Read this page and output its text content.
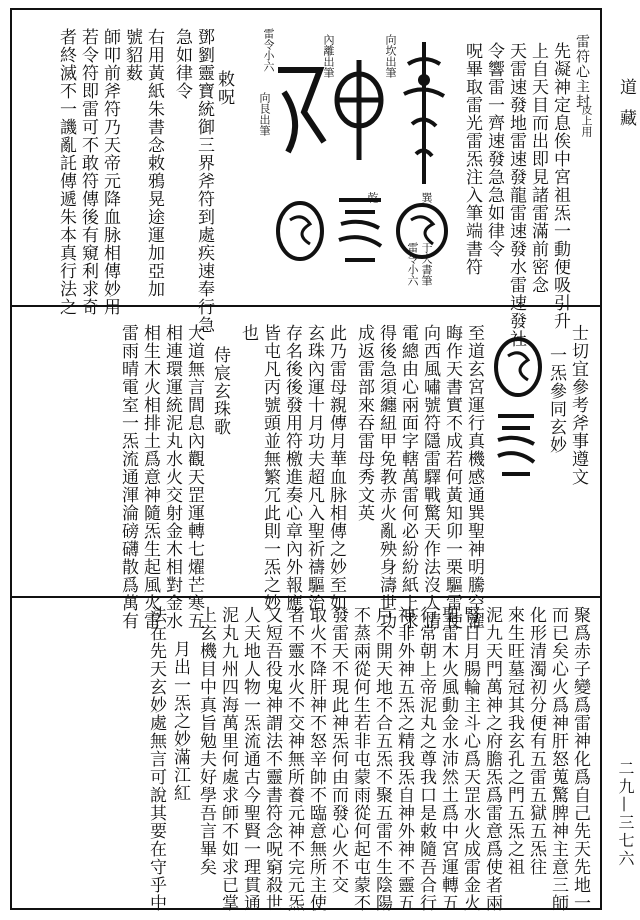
道藏
二九—三七六
雷符心主封
皮上用
先凝神定息俟中宮祖炁一動便吸引升
上自天目而出即見諸雷滿前密念
天雷速發地雷速發龍雷速發水雷速發社
令響雷一齊速發急急如律令
呪畢取雷光雷炁注入筆端書符
向坎出筆
內離出筆
雷令小六
向艮出筆
巽
乾
雷令小六 于大書筆
敕呪
鄧劉靈寶統御三界斧符到處疾速奉行急
急如律令
右用黃紙朱書念敕鴉晃途運加亞加
號貂薮
師叩前斧符乃天帝元降血脉相傳妙用
若令符即雷可不敢符傳後有窺利求奇
者終滅不一譏亂託傳遞朱本真行法之
士切宜參考斧事遵文
一炁參同玄妙
至道玄宮運行真機感通巽聖神明騰空濯
晦作天書實不成若何黃知卯一栗驅雷使
向西風嘯號符隱雷驛戰驚天作法沒人情
電總由心兩面字轄萬雷何必紛紛紙上求
得後急須纏紐甲免教赤火亂殃身濤世功
成返雷部來吞雷母秀文英
此乃雷母親傳月華血脉相傳之妙至如
玄珠內運十月功夫超凡入聖祈禱驅治
存名後後發用符檄進奏心章內外報應
皆屯凡丙號頭並無繁冗此則一炁之妙
也
侍宸玄珠歌
大道無言閭息內觀天罡運轉七燿芒寒五
相連環運統泥丸水火交射金木相對金水
相生木火相排土爲意神隨炁生起風火雷
雷雨晴電室一炁流通渾淪磅礴散爲萬有
聚爲赤子變爲雷神化爲自己先天先地一
而已矣心火爲神肝怒蒐驚脾神主意三師
化形清濁初分便有五雷五獄五炁往
來生旺墓冠其我玄孔之門五炁之祖
泥九天門萬神之府膽炁爲雷意爲使者兩
腎日月腸輪主斗心爲天罡水火成雷金火
聖雷木火風動金水沛然土爲中宮運轉五
行常朝上帝泥丸之尊我口是敕隨吾合行
神非外神五炁之精我炁自神外神不靈五
戶不開天地不合五炁不聚五雷不生陰陽
不蒸兩從何生若非屯蒙雨從何起屯蒙不
發雷天不現此神炁何由而發心火不交
取火不降肝神不怒辛帥不臨意無所主使
者不靈水火不交神無所養元神不完元炁
又短吾役鬼神謂法不靈書符念呪窮殺世
人天地人物一炁流通古今聖賢一理貫通
泥丸九州四海萬里何處求師不如求已掌
上玄機目中真旨勉夫好學吾言畢矣
月出一炁之妙滿江紅
法在先天玄妙處無言可說其要在守乎中
